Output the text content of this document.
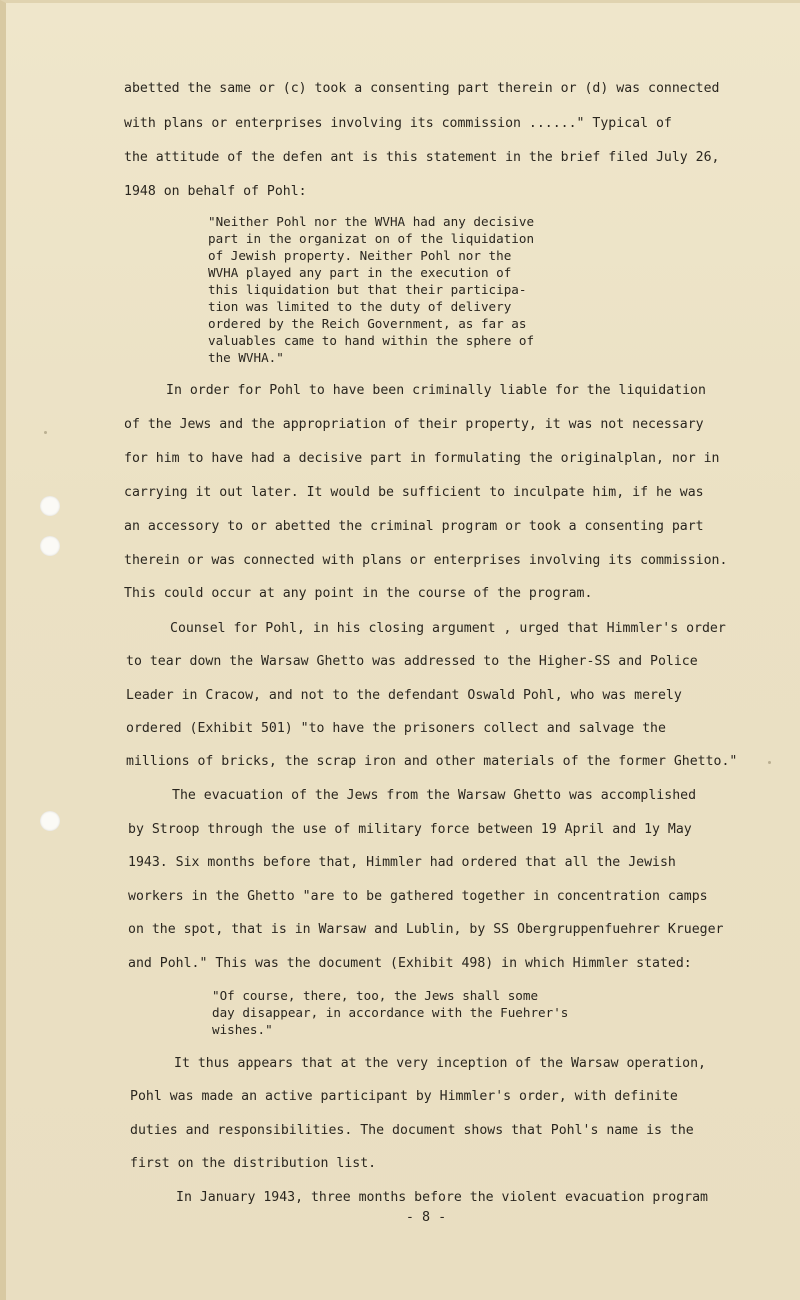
abetted the same or (c) took a consenting part therein or (d) was connected
with plans or enterprises involving its commission ......" Typical of
the attitude of the defen ant is this statement in the brief filed July 26,
1948 on behalf of Pohl:
"Neither Pohl nor the WVHA had any decisive
part in the organizat on of the liquidation
of Jewish property. Neither Pohl nor the
WVHA played any part in the execution of
this liquidation but that their participa-
tion was limited to the duty of delivery
ordered by the Reich Government, as far as
valuables came to hand within the sphere of
the WVHA."
In order for Pohl to have been criminally liable for the liquidation
of the Jews and the appropriation of their property, it was not necessary
for him to have had a decisive part in formulating the originalplan, nor in
carrying it out later. It would be sufficient to inculpate him, if he was
an accessory to or abetted the criminal program or took a consenting part
therein or was connected with plans or enterprises involving its commission.
This could occur at any point in the course of the program.
Counsel for Pohl, in his closing argument , urged that Himmler's order
to tear down the Warsaw Ghetto was addressed to the Higher-SS and Police
Leader in Cracow, and not to the defendant Oswald Pohl, who was merely
ordered (Exhibit 501) "to have the prisoners collect and salvage the
millions of bricks, the scrap iron and other materials of the former Ghetto."
The evacuation of the Jews from the Warsaw Ghetto was accomplished
by Stroop through the use of military force between 19 April and 1y May
1943. Six months before that, Himmler had ordered that all the Jewish
workers in the Ghetto "are to be gathered together in concentration camps
on the spot, that is in Warsaw and Lublin, by SS Obergruppenfuehrer Krueger
and Pohl." This was the document (Exhibit 498) in which Himmler stated:
"Of course, there, too, the Jews shall some
day disappear, in accordance with the Fuehrer's
wishes."
It thus appears that at the very inception of the Warsaw operation,
Pohl was made an active participant by Himmler's order, with definite
duties and responsibilities. The document shows that Pohl's name is the
first on the distribution list.
In January 1943, three months before the violent evacuation program
- 8 -
